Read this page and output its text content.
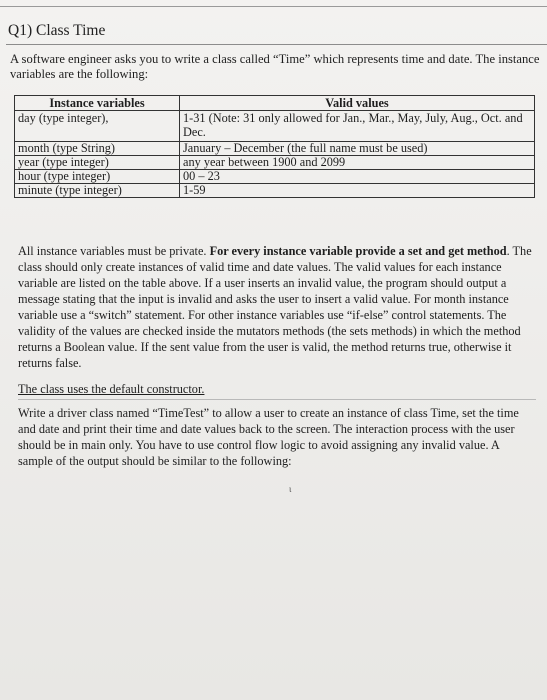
Q1) Class Time

A software engineer asks you to write a class called “Time” which represents time and date. The instance variables are the following:

Instance variables	Valid values
day (type integer),	1-31 (Note: 31 only allowed for Jan., Mar., May, July, Aug., Oct. and Dec.
month (type String)	January – December (the full name must be used)
year (type integer)	any year between 1900 and 2099
hour (type integer)	00 – 23
minute (type integer)	1-59

All instance variables must be private. For every instance variable provide a set and get method. The class should only create instances of valid time and date values. The valid values for each instance variable are listed on the table above. If a user inserts an invalid value, the program should output a message stating that the input is invalid and asks the user to insert a valid value. For month instance variable use a “switch” statement. For other instance variables use “if-else” control statements. The validity of the values are checked inside the mutators methods (the sets methods) in which the method returns a Boolean value. If the sent value from the user is valid, the method returns true, otherwise it returns false.

The class uses the default constructor.

Write a driver class named “TimeTest” to allow a user to create an instance of class Time, set the time and date and print their time and date values back to the screen. The interaction process with the user should be in main only. You have to use control flow logic to avoid assigning any invalid value. A sample of the output should be similar to the following:

ɩ
